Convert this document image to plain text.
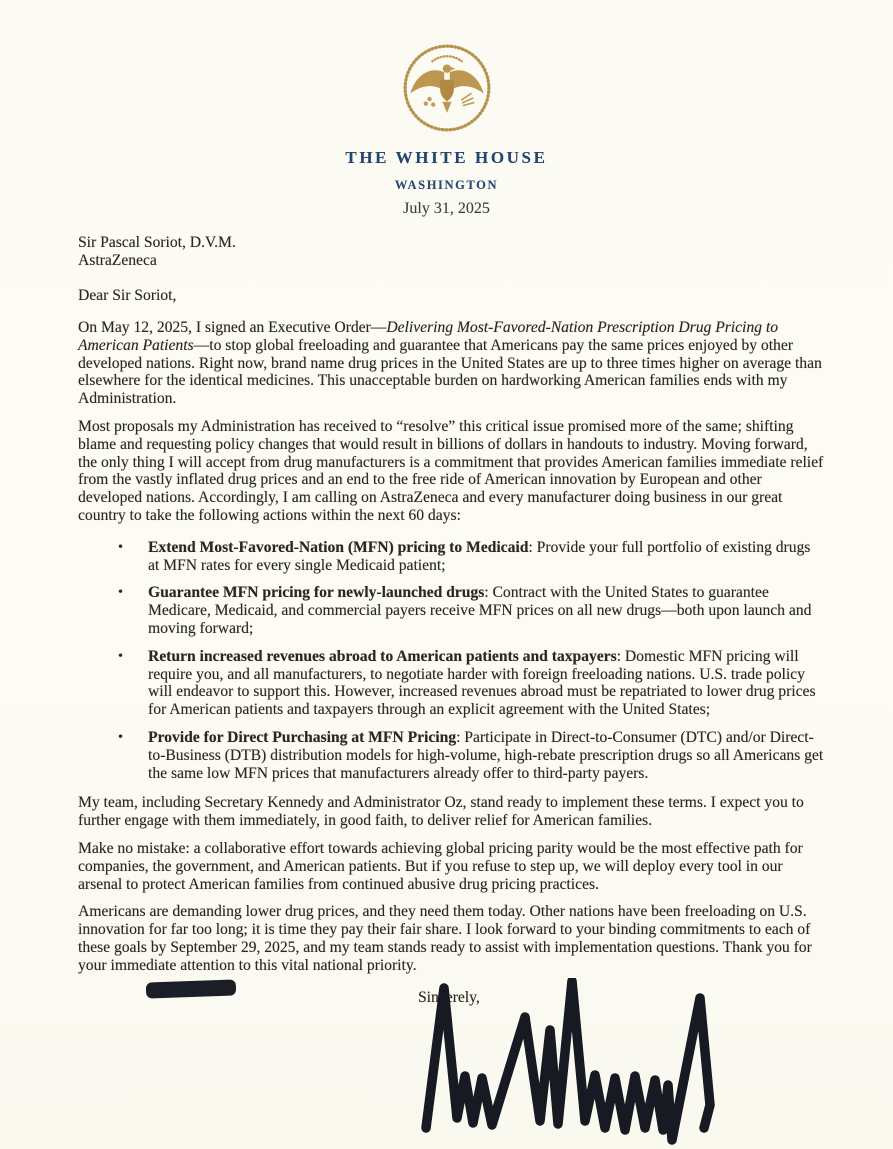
THE WHITE HOUSE
WASHINGTON
July 31, 2025
Sir Pascal Soriot, D.V.M.
AstraZeneca
Dear Sir Soriot,
On May 12, 2025, I signed an Executive Order—Delivering Most-Favored-Nation Prescription Drug Pricing to American Patients—to stop global freeloading and guarantee that Americans pay the same prices enjoyed by other developed nations. Right now, brand name drug prices in the United States are up to three times higher on average than elsewhere for the identical medicines. This unacceptable burden on hardworking American families ends with my Administration.
Most proposals my Administration has received to “resolve” this critical issue promised more of the same; shifting blame and requesting policy changes that would result in billions of dollars in handouts to industry. Moving forward, the only thing I will accept from drug manufacturers is a commitment that provides American families immediate relief from the vastly inflated drug prices and an end to the free ride of American innovation by European and other developed nations. Accordingly, I am calling on AstraZeneca and every manufacturer doing business in our great country to take the following actions within the next 60 days:
•	Extend Most-Favored-Nation (MFN) pricing to Medicaid: Provide your full portfolio of existing drugs at MFN rates for every single Medicaid patient;
•	Guarantee MFN pricing for newly-launched drugs: Contract with the United States to guarantee Medicare, Medicaid, and commercial payers receive MFN prices on all new drugs—both upon launch and moving forward;
•	Return increased revenues abroad to American patients and taxpayers: Domestic MFN pricing will require you, and all manufacturers, to negotiate harder with foreign freeloading nations. U.S. trade policy will endeavor to support this. However, increased revenues abroad must be repatriated to lower drug prices for American patients and taxpayers through an explicit agreement with the United States;
•	Provide for Direct Purchasing at MFN Pricing: Participate in Direct-to-Consumer (DTC) and/or Direct-to-Business (DTB) distribution models for high-volume, high-rebate prescription drugs so all Americans get the same low MFN prices that manufacturers already offer to third-party payers.
My team, including Secretary Kennedy and Administrator Oz, stand ready to implement these terms. I expect you to further engage with them immediately, in good faith, to deliver relief for American families.
Make no mistake: a collaborative effort towards achieving global pricing parity would be the most effective path for companies, the government, and American patients. But if you refuse to step up, we will deploy every tool in our arsenal to protect American families from continued abusive drug pricing practices.
Americans are demanding lower drug prices, and they need them today. Other nations have been freeloading on U.S. innovation for far too long; it is time they pay their fair share. I look forward to your binding commitments to each of these goals by September 29, 2025, and my team stands ready to assist with implementation questions. Thank you for your immediate attention to this vital national priority.
Sincerely,
